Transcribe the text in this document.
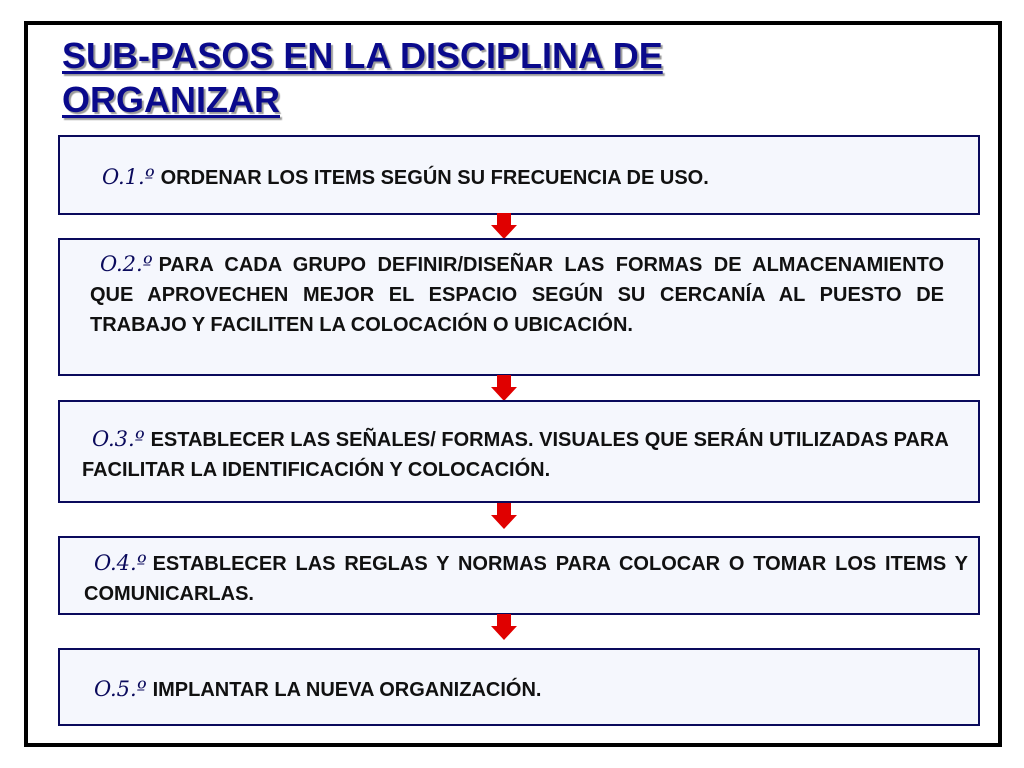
SUB-PASOS EN LA DISCIPLINA DE ORGANIZAR
O.1.º ORDENAR LOS ITEMS SEGÚN SU FRECUENCIA DE USO.
O.2.º PARA CADA GRUPO DEFINIR/DISEÑAR LAS FORMAS DE ALMACENAMIENTO QUE APROVECHEN MEJOR EL ESPACIO SEGÚN SU CERCANÍA AL PUESTO DE TRABAJO Y FACILITEN LA COLOCACIÓN O UBICACIÓN.
O.3.º ESTABLECER LAS SEÑALES/ FORMAS. VISUALES QUE SERÁN UTILIZADAS PARA FACILITAR LA IDENTIFICACIÓN Y COLOCACIÓN.
O.4.º ESTABLECER LAS REGLAS Y NORMAS PARA COLOCAR O TOMAR LOS ITEMS Y COMUNICARLAS.
O.5.º IMPLANTAR LA NUEVA ORGANIZACIÓN.
